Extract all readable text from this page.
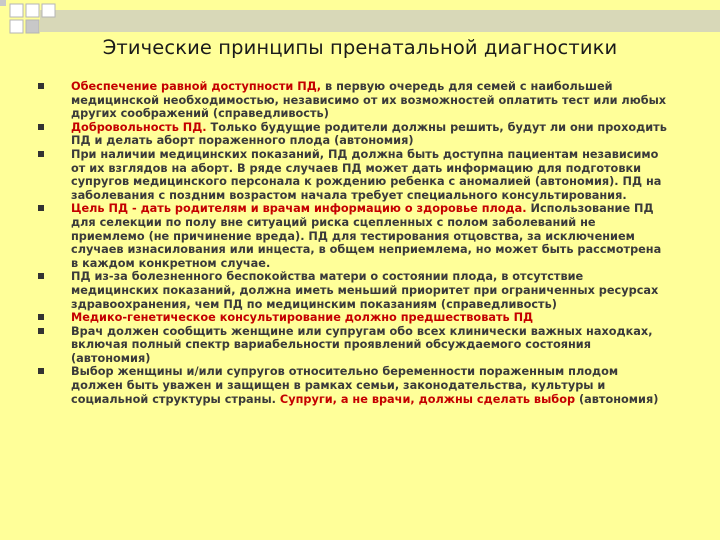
Этические принципы пренатальной диагностики
Обеспечение равной доступности ПД, в первую очередь для семей с наибольшей медицинской необходимостью, независимо от их возможностей оплатить тест или любых других соображений (справедливость)
Добровольность ПД. Только будущие родители должны решить, будут ли они проходить ПД и делать аборт пораженного плода (автономия)
При наличии медицинских показаний, ПД должна быть доступна пациентам независимо от их взглядов на аборт. В ряде случаев ПД может дать информацию для подготовки супругов медицинского персонала к рождению ребенка с аномалией (автономия). ПД на заболевания с поздним возрастом начала требует специального консультирования.
Цель ПД - дать родителям и врачам информацию о здоровье плода. Использование ПД для селекции по полу вне ситуаций риска сцепленных с полом заболеваний не приемлемо (не причинение вреда). ПД для тестирования отцовства, за исключением случаев изнасилования или инцеста, в общем неприемлема, но может быть рассмотрена в каждом конкретном случае.
ПД из-за болезненного беспокойства матери о состоянии плода, в отсутствие медицинских показаний, должна иметь меньший приоритет при ограниченных ресурсах здравоохранения, чем ПД по медицинским показаниям (справедливость)
Медико-генетическое консультирование должно предшествовать ПД
Врач должен сообщить женщине или супругам обо всех клинически важных находках, включая полный спектр вариабельности проявлений обсуждаемого состояния (автономия)
Выбор женщины и/или супругов относительно беременности пораженным плодом должен быть уважен и защищен в рамках семьи, законодательства, культуры и социальной структуры страны. Супруги, а не врачи, должны сделать выбор (автономия)
